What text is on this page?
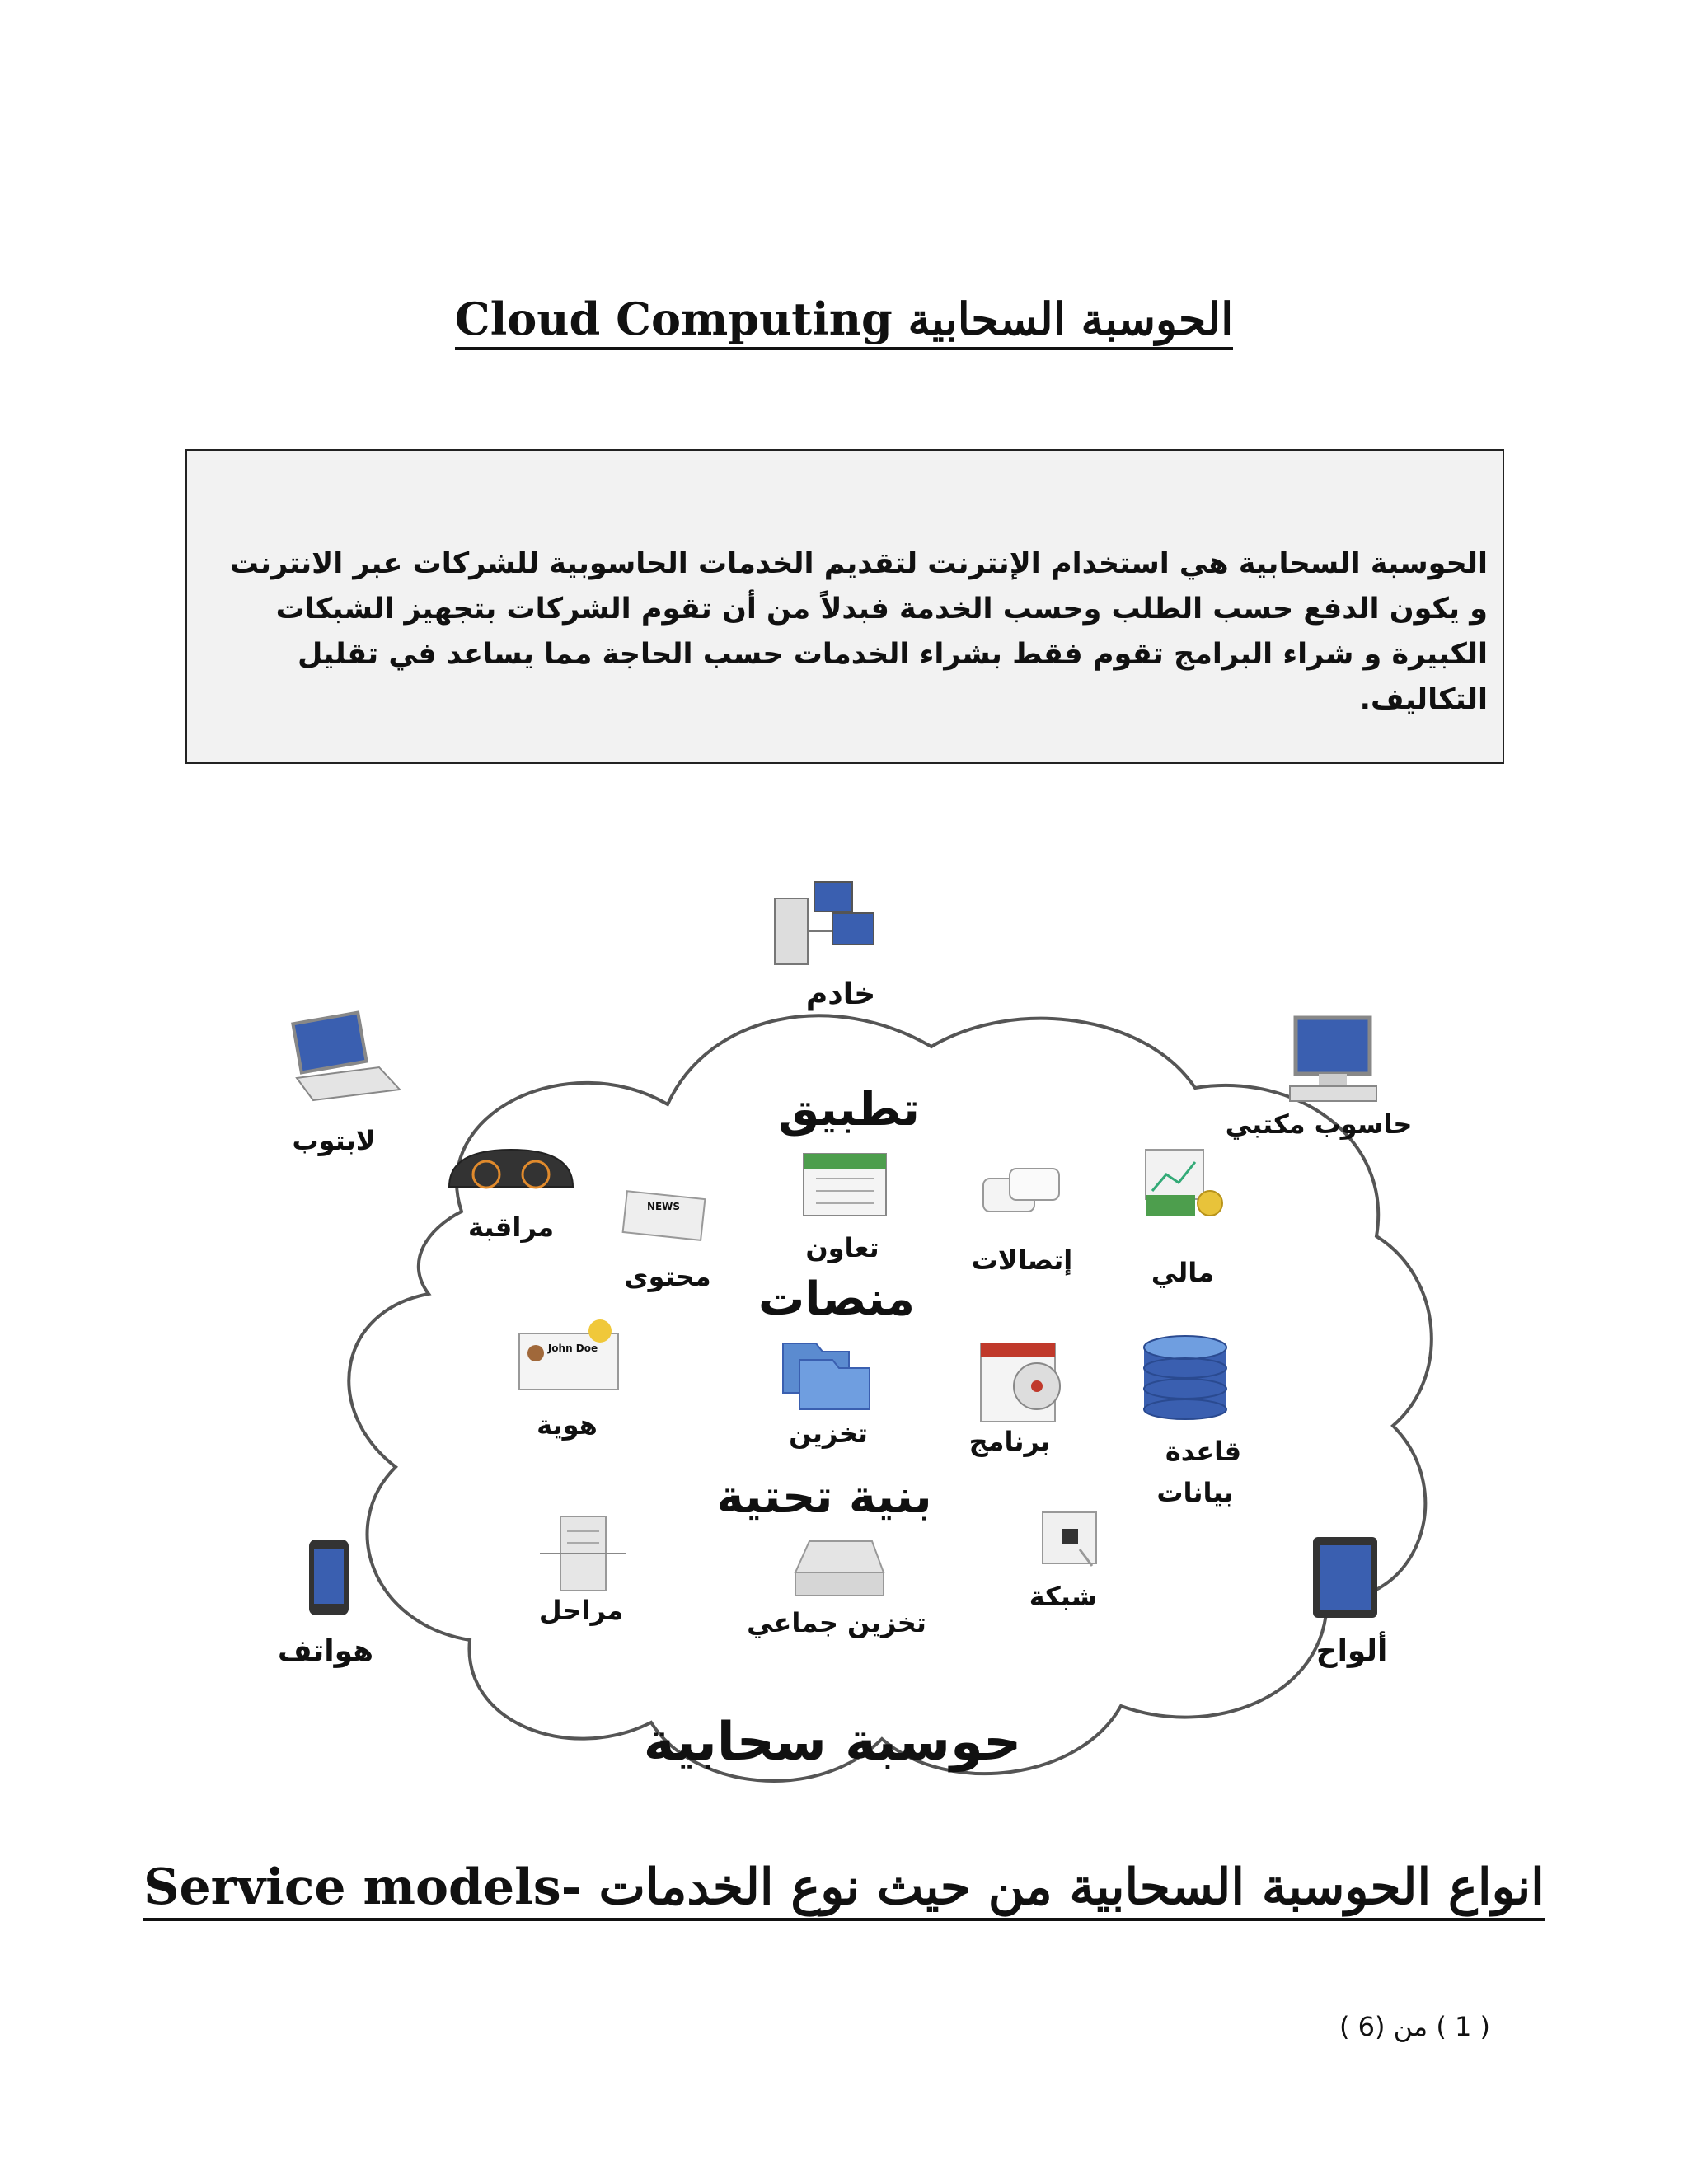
الحوسبة السحابية Cloud Computing

الحوسبة السحابية هي استخدام الإنترنت لتقديم الخدمات الحاسوبية للشركات عبر الانترنت و يكون الدفع حسب الطلب وحسب الخدمة فبدلاً من أن تقوم الشركات بتجهيز الشبكات الكبيرة و شراء البرامج تقوم فقط بشراء الخدمات حسب الحاجة مما يساعد في تقليل التكاليف.

خادم
لابتوب
حاسوب مكتبي
تطبيق
مراقبة
NEWS
محتوى
تعاون	إتصالات	مالي
منصات
John Doe
هوية	تخزين	برنامج	قاعدة
بيانات
بنية تحتية
هواتف
مراحل	تخزين جماعي
شبكة
ألواح
حوسبة سحابية
انواع الحوسبة السحابية من حيث نوع الخدمات -Service models
( 1 ) من (6 )
